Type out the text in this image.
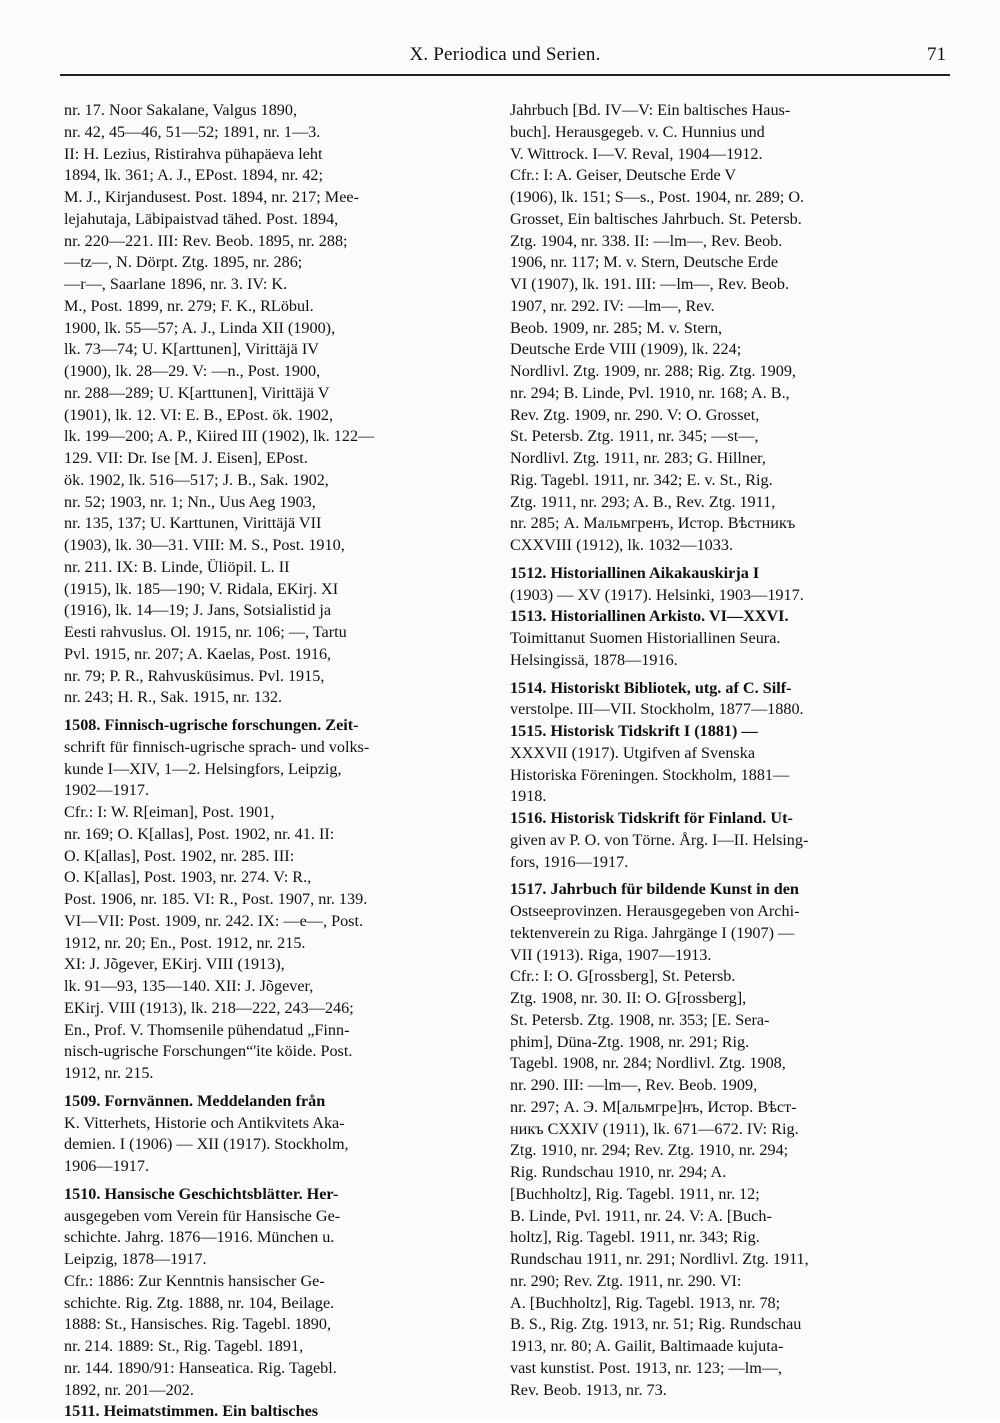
X. Periodica und Serien.	71
nr. 17. Noor Sakalane, Valgus 1890,
nr. 42, 45—46, 51—52; 1891, nr. 1—3.
II: H. Lezius, Ristirahva pühapäeva leht
1894, lk. 361; A. J., EPost. 1894, nr. 42;
M. J., Kirjandusest. Post. 1894, nr. 217; Mee-
lejahutaja, Läbipaistvad tähed. Post. 1894,
nr. 220—221. III: Rev. Beob. 1895, nr. 288;
—tz—, N. Dörpt. Ztg. 1895, nr. 286;
—r—, Saarlane 1896, nr. 3. IV: K.
M., Post. 1899, nr. 279; F. K., RLöbul.
1900, lk. 55—57; A. J., Linda XII (1900),
lk. 73—74; U. K[arttunen], Virittäjä IV
(1900), lk. 28—29. V: —n., Post. 1900,
nr. 288—289; U. K[arttunen], Virittäjä V
(1901), lk. 12. VI: E. B., EPost. ök. 1902,
lk. 199—200; A. P., Kiired III (1902), lk. 122—
129. VII: Dr. Ise [M. J. Eisen], EPost.
ök. 1902, lk. 516—517; J. B., Sak. 1902,
nr. 52; 1903, nr. 1; Nn., Uus Aeg 1903,
nr. 135, 137; U. Karttunen, Virittäjä VII
(1903), lk. 30—31. VIII: M. S., Post. 1910,
nr. 211. IX: B. Linde, Üliöpil. L. II
(1915), lk. 185—190; V. Ridala, EKirj. XI
(1916), lk. 14—19; J. Jans, Sotsialistid ja
Eesti rahvuslus. Ol. 1915, nr. 106; —, Tartu
Pvl. 1915, nr. 207; A. Kaelas, Post. 1916,
nr. 79; P. R., Rahvusküsimus. Pvl. 1915,
nr. 243; H. R., Sak. 1915, nr. 132.
1508. Finnisch-ugrische forschungen. Zeit-
schrift für finnisch-ugrische sprach- und volks-
kunde I—XIV, 1—2. Helsingfors, Leipzig,
1902—1917.
Cfr.: I: W. R[eiman], Post. 1901,
nr. 169; O. K[allas], Post. 1902, nr. 41. II:
O. K[allas], Post. 1902, nr. 285. III:
O. K[allas], Post. 1903, nr. 274. V: R.,
Post. 1906, nr. 185. VI: R., Post. 1907, nr. 139.
VI—VII: Post. 1909, nr. 242. IX: —e—, Post.
1912, nr. 20; En., Post. 1912, nr. 215.
XI: J. Jõgever, EKirj. VIII (1913),
lk. 91—93, 135—140. XII: J. Jõgever,
EKirj. VIII (1913), lk. 218—222, 243—246;
En., Prof. V. Thomsenile pühendatud „Finn-
nisch-ugrische Forschungen“'ite köide. Post.
1912, nr. 215.
1509. Fornvännen. Meddelanden från
K. Vitterhets, Historie och Antikvitets Aka-
demien. I (1906) — XII (1917). Stockholm,
1906—1917.
1510. Hansische Geschichtsblätter. Her-
ausgegeben vom Verein für Hansische Ge-
schichte. Jahrg. 1876—1916. München u.
Leipzig, 1878—1917.
Cfr.: 1886: Zur Kenntnis hansischer Ge-
schichte. Rig. Ztg. 1888, nr. 104, Beilage.
1888: St., Hansisches. Rig. Tagebl. 1890,
nr. 214. 1889: St., Rig. Tagebl. 1891,
nr. 144. 1890/91: Hanseatica. Rig. Tagebl.
1892, nr. 201—202.
1511. Heimatstimmen. Ein baltisches
Jahrbuch [Bd. IV—V: Ein baltisches Haus-
buch]. Herausgegeb. v. C. Hunnius und
V. Wittrock. I—V. Reval, 1904—1912.
Cfr.: I: A. Geiser, Deutsche Erde V
(1906), lk. 151; S—s., Post. 1904, nr. 289; O.
Grosset, Ein baltisches Jahrbuch. St. Petersb.
Ztg. 1904, nr. 338. II: —lm—, Rev. Beob.
1906, nr. 117; M. v. Stern, Deutsche Erde
VI (1907), lk. 191. III: —lm—, Rev. Beob.
1907, nr. 292. IV: —lm—, Rev.
Beob. 1909, nr. 285; M. v. Stern,
Deutsche Erde VIII (1909), lk. 224;
Nordlivl. Ztg. 1909, nr. 288; Rig. Ztg. 1909,
nr. 294; B. Linde, Pvl. 1910, nr. 168; A. B.,
Rev. Ztg. 1909, nr. 290. V: O. Grosset,
St. Petersb. Ztg. 1911, nr. 345; —st—,
Nordlivl. Ztg. 1911, nr. 283; G. Hillner,
Rig. Tagebl. 1911, nr. 342; E. v. St., Rig.
Ztg. 1911, nr. 293; A. B., Rev. Ztg. 1911,
nr. 285; А. Мальмгренъ, Истор. Вѣстникъ
CXXVIII (1912), lk. 1032—1033.
1512. Historiallinen Aikakauskirja I
(1903) — XV (1917). Helsinki, 1903—1917.
1513. Historiallinen Arkisto. VI—XXVI.
Toimittanut Suomen Historiallinen Seura.
Helsingissä, 1878—1916.
1514. Historiskt Bibliotek, utg. af C. Silf-
verstolpe. III—VII. Stockholm, 1877—1880.
1515. Historisk Tidskrift I (1881) —
XXXVII (1917). Utgifven af Svenska
Historiska Föreningen. Stockholm, 1881—
1918.
1516. Historisk Tidskrift för Finland. Ut-
given av P. O. von Törne. Årg. I—II. Helsing-
fors, 1916—1917.
1517. Jahrbuch für bildende Kunst in den
Ostseeprovinzen. Herausgegeben von Archi-
tektenverein zu Riga. Jahrgänge I (1907) —
VII (1913). Riga, 1907—1913.
Cfr.: I: O. G[rossberg], St. Petersb.
Ztg. 1908, nr. 30. II: O. G[rossberg],
St. Petersb. Ztg. 1908, nr. 353; [E. Sera-
phim], Düna-Ztg. 1908, nr. 291; Rig.
Tagebl. 1908, nr. 284; Nordlivl. Ztg. 1908,
nr. 290. III: —lm—, Rev. Beob. 1909,
nr. 297; А. Э. М[альмгре]нъ, Истор. Вѣст-
никъ CXXIV (1911), lk. 671—672. IV: Rig.
Ztg. 1910, nr. 294; Rev. Ztg. 1910, nr. 294;
Rig. Rundschau 1910, nr. 294; A.
[Buchholtz], Rig. Tagebl. 1911, nr. 12;
B. Linde, Pvl. 1911, nr. 24. V: A. [Buch-
holtz], Rig. Tagebl. 1911, nr. 343; Rig.
Rundschau 1911, nr. 291; Nordlivl. Ztg. 1911,
nr. 290; Rev. Ztg. 1911, nr. 290. VI:
A. [Buchholtz], Rig. Tagebl. 1913, nr. 78;
B. S., Rig. Ztg. 1913, nr. 51; Rig. Rundschau
1913, nr. 80; A. Gailit, Baltimaade kujuta-
vast kunstist. Post. 1913, nr. 123; —lm—,
Rev. Beob. 1913, nr. 73.
